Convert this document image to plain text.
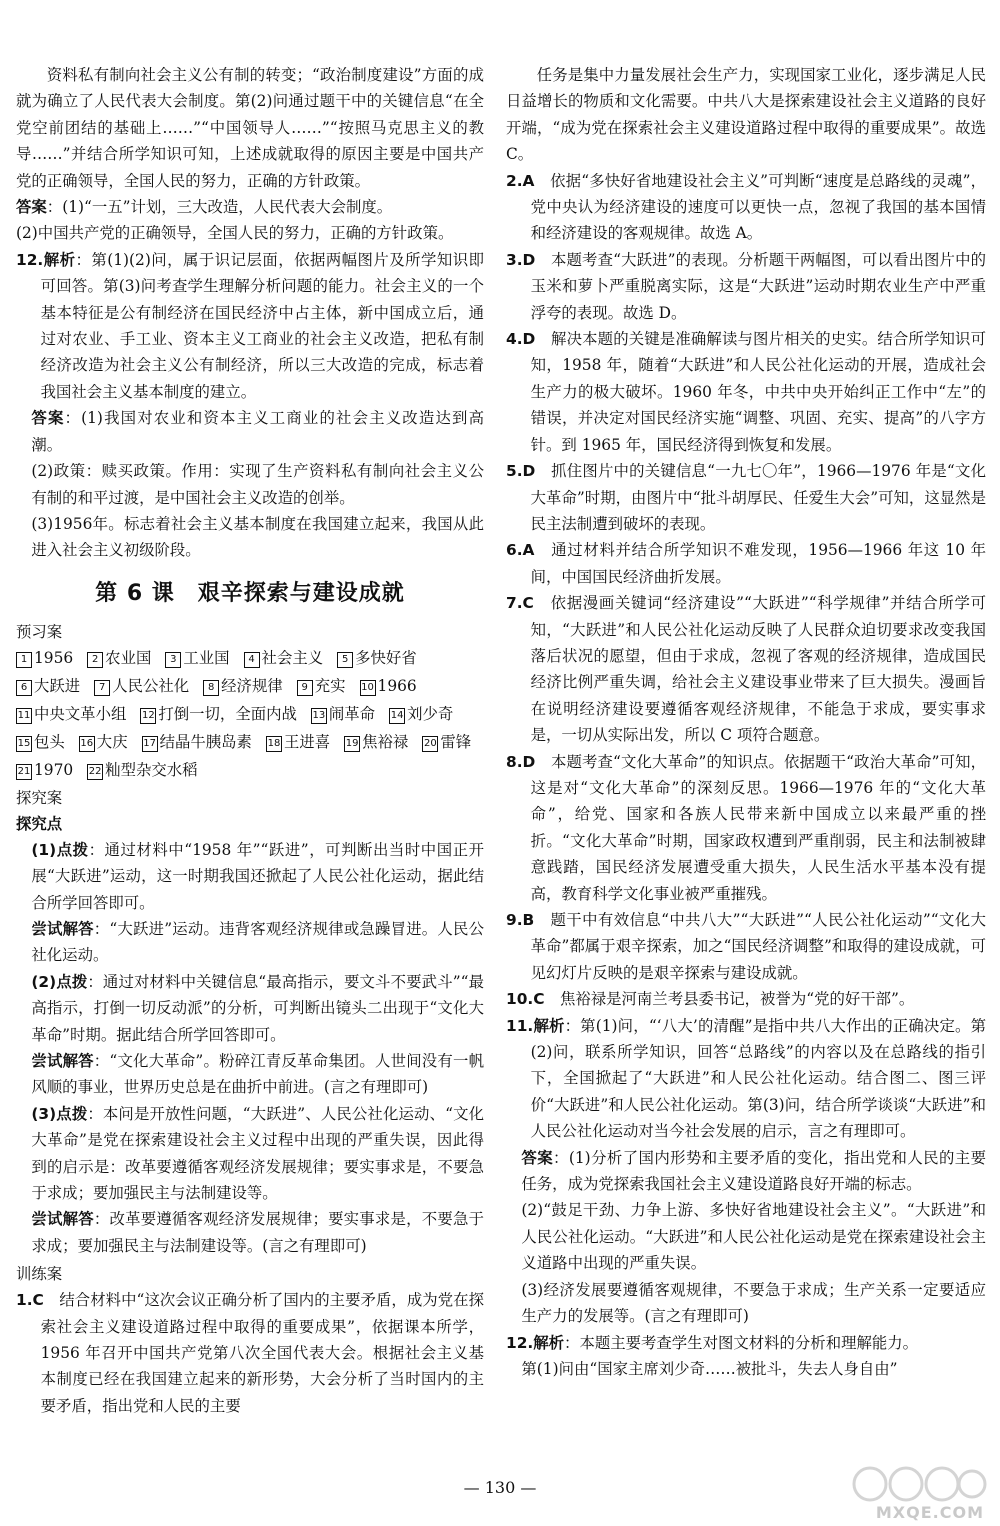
资料私有制向社会主义公有制的转变；“政治制度建设”方面的成就为确立了人民代表大会制度。第(2)问通过题干中的关键信息“在全党空前团结的基础上……”“中国领导人……”“按照马克思主义的教导……”并结合所学知识可知，上述成就取得的原因主要是中国共产党的正确领导，全国人民的努力，正确的方针政策。

答案：(1)“一五”计划，三大改造，人民代表大会制度。

(2)中国共产党的正确领导，全国人民的努力，正确的方针政策。

12.解析：第(1)(2)问，属于识记层面，依据两幅图片及所学知识即可回答。第(3)问考查学生理解分析问题的能力。社会主义的一个基本特征是公有制经济在国民经济中占主体，新中国成立后，通过对农业、手工业、资本主义工商业的社会主义改造，把私有制经济改造为社会主义公有制经济，所以三大改造的完成，标志着我国社会主义基本制度的建立。

答案：(1)我国对农业和资本主义工商业的社会主义改造达到高潮。

(2)政策：赎买政策。作用：实现了生产资料私有制向社会主义公有制的和平过渡，是中国社会主义改造的创举。

(3)1956年。标志着社会主义基本制度在我国建立起来，我国从此进入社会主义初级阶段。

第 6 课　艰辛探索与建设成就
预习案
1 1956	2 农业国	3 工业国	4 社会主义	5 多快好省
6 大跃进	7 人民公社化	8 经济规律	9 充实 10 1966
11 中央文革小组 12 打倒一切，全面内战 13 闹革命 14 刘少奇
15 包头 16 大庆 17 结晶牛胰岛素 18 王进喜 19 焦裕禄 20 雷锋
21 1970 22 籼型杂交水稻
探究案
探究点

(1)点拨：通过材料中“1958 年”“跃进”，可判断出当时中国正开展“大跃进”运动，这一时期我国还掀起了人民公社化运动，据此结合所学回答即可。

尝试解答：“大跃进”运动。违背客观经济规律或急躁冒进。人民公社化运动。

(2)点拨：通过对材料中关键信息“最高指示，要文斗不要武斗”“最高指示，打倒一切反动派”的分析，可判断出镜头二出现于“文化大革命”时期。据此结合所学回答即可。

尝试解答：“文化大革命”。粉碎江青反革命集团。人世间没有一帆风顺的事业，世界历史总是在曲折中前进。(言之有理即可)

(3)点拨：本问是开放性问题，“大跃进”、人民公社化运动、“文化大革命”是党在探索建设社会主义过程中出现的严重失误，因此得到的启示是：改革要遵循客观经济发展规律；要实事求是，不要急于求成；要加强民主与法制建设等。

尝试解答：改革要遵循客观经济发展规律；要实事求是，不要急于求成；要加强民主与法制建设等。(言之有理即可)

训练案

1.C　结合材料中“这次会议正确分析了国内的主要矛盾，成为党在探索社会主义建设道路过程中取得的重要成果”，依据课本所学，1956 年召开中国共产党第八次全国代表大会。根据社会主义基本制度已经在我国建立起来的新形势，大会分析了当时国内的主要矛盾，指出党和人民的主要

任务是集中力量发展社会生产力，实现国家工业化，逐步满足人民日益增长的物质和文化需要。中共八大是探索建设社会主义道路的良好开端，“成为党在探索社会主义建设道路过程中取得的重要成果”。故选 C。

2.A　依据“多快好省地建设社会主义”可判断“速度是总路线的灵魂”，党中央认为经济建设的速度可以更快一点，忽视了我国的基本国情和经济建设的客观规律。故选 A。

3.D　本题考查“大跃进”的表现。分析题干两幅图，可以看出图片中的玉米和萝卜严重脱离实际，这是“大跃进”运动时期农业生产中严重浮夸的表现。故选 D。

4.D　解决本题的关键是准确解读与图片相关的史实。结合所学知识可知，1958 年，随着“大跃进”和人民公社化运动的开展，造成社会生产力的极大破坏。1960 年冬，中共中央开始纠正工作中“左”的错误，并决定对国民经济实施“调整、巩固、充实、提高”的八字方针。到 1965 年，国民经济得到恢复和发展。

5.D　抓住图片中的关键信息“一九七〇年”，1966—1976 年是“文化大革命”时期，由图片中“批斗胡厚民、任爱生大会”可知，这显然是民主法制遭到破坏的表现。

6.A　通过材料并结合所学知识不难发现，1956—1966 年这 10 年间，中国国民经济曲折发展。

7.C　依据漫画关键词“经济建设”“大跃进”“科学规律”并结合所学可知，“大跃进”和人民公社化运动反映了人民群众迫切要求改变我国落后状况的愿望，但由于求成，忽视了客观的经济规律，造成国民经济比例严重失调，给社会主义建设事业带来了巨大损失。漫画旨在说明经济建设要遵循客观经济规律，不能急于求成，要实事求是，一切从实际出发，所以 C 项符合题意。

8.D　本题考查“文化大革命”的知识点。依据题干“政治大革命”可知，这是对“文化大革命”的深刻反思。1966—1976 年的“文化大革命”，给党、国家和各族人民带来新中国成立以来最严重的挫折。“文化大革命”时期，国家政权遭到严重削弱，民主和法制被肆意践踏，国民经济发展遭受重大损失，人民生活水平基本没有提高，教育科学文化事业被严重摧残。

9.B　题干中有效信息“中共八大”“大跃进”“人民公社化运动”“文化大革命”都属于艰辛探索，加之“国民经济调整”和取得的建设成就，可见幻灯片反映的是艰辛探索与建设成就。

10.C　焦裕禄是河南兰考县委书记，被誉为“党的好干部”。

11.解析：第(1)问，“‘八大’的清醒”是指中共八大作出的正确决定。第(2)问，联系所学知识，回答“总路线”的内容以及在总路线的指引下，全国掀起了“大跃进”和人民公社化运动。结合图二、图三评价“大跃进”和人民公社化运动。第(3)问，结合所学谈谈“大跃进”和人民公社化运动对当今社会发展的启示，言之有理即可。

答案：(1)分析了国内形势和主要矛盾的变化，指出党和人民的主要任务，成为党探索我国社会主义建设道路良好开端的标志。

(2)“鼓足干劲、力争上游、多快好省地建设社会主义”。“大跃进”和人民公社化运动。“大跃进”和人民公社化运动是党在探索建设社会主义道路中出现的严重失误。

(3)经济发展要遵循客观规律，不要急于求成；生产关系一定要适应生产力的发展等。(言之有理即可)

12.解析：本题主要考查学生对图文材料的分析和理解能力。

第(1)问由“国家主席刘少奇……被批斗，失去人身自由”

— 130 —
MXQE.COM
